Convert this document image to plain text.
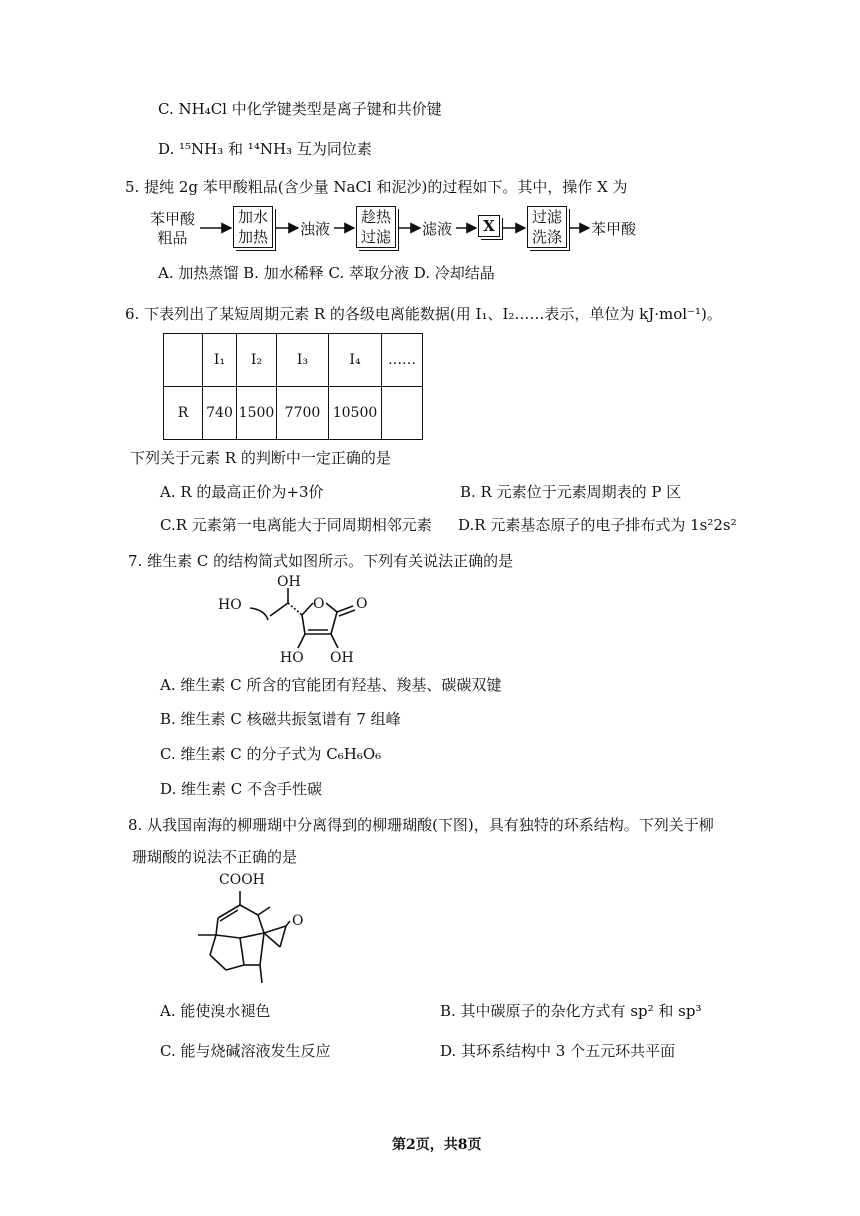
C. NH₄Cl 中化学键类型是离子键和共价键
D. ¹⁵NH₃ 和 ¹⁴NH₃ 互为同位素
5. 提纯 2g 苯甲酸粗品(含少量 NaCl 和泥沙)的过程如下。其中，操作 X 为
苯甲酸
粗品
加水
加热 浊液
趁热
过滤 滤液	X	过滤
洗涤 苯甲酸
A. 加热蒸馏 B. 加水稀释 C. 萃取分液 D. 冷却结晶
6. 下表列出了某短周期元素 R 的各级电离能数据(用 I₁、I₂……表示，单位为 kJ·mol⁻¹)。
	I₁	I₂	I₃	I₄	……
R	740	1500	7700	10500	
下列关于元素 R 的判断中一定正确的是
A. R 的最高正价为+3价	B. R 元素位于元素周期表的 P 区
C.R 元素第一电离能大于同周期相邻元素 D.R 元素基态原子的电子排布式为 1s²2s²
7. 维生素 C 的结构简式如图所示。下列有关说法正确的是
OH
HO	O O
HO OH
A. 维生素 C 所含的官能团有羟基、羧基、碳碳双键
B. 维生素 C 核磁共振氢谱有 7 组峰
C. 维生素 C 的分子式为 C₆H₆O₆
D. 维生素 C 不含手性碳
8. 从我国南海的柳珊瑚中分离得到的柳珊瑚酸(下图)，具有独特的环系结构。下列关于柳
珊瑚酸的说法不正确的是
COOH
O
A. 能使溴水褪色	B. 其中碳原子的杂化方式有 sp² 和 sp³
C. 能与烧碱溶液发生反应	D. 其环系结构中 3 个五元环共平面
第2页，共8页
